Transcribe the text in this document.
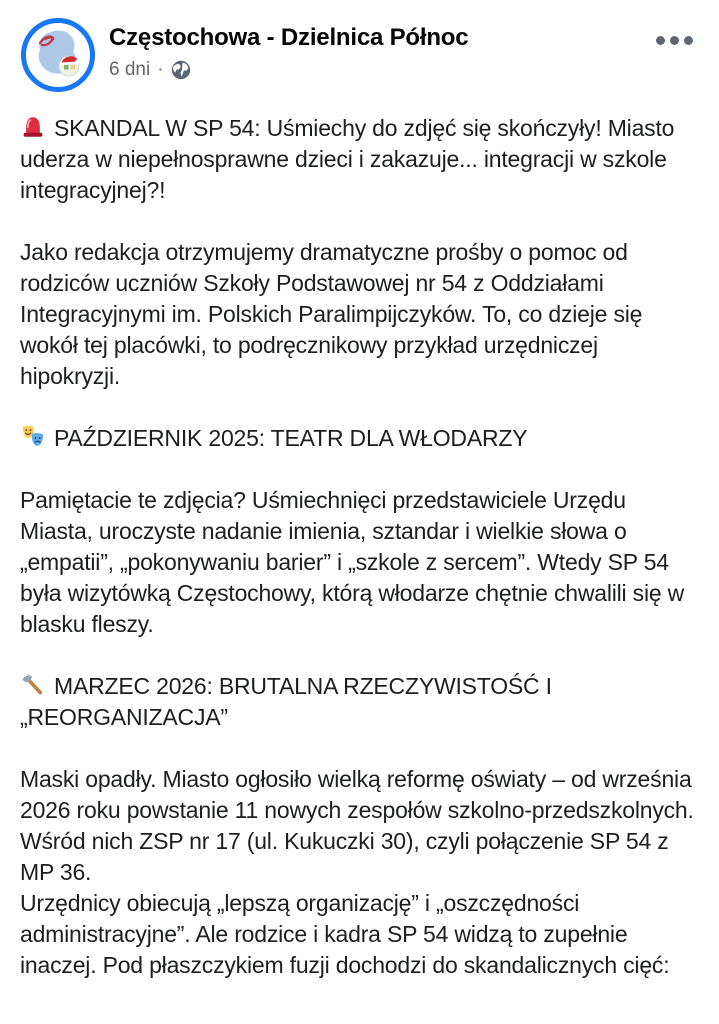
Częstochowa - Dzielnica Północ
6 dni ·

SKANDAL W SP 54: Uśmiechy do zdjęć się skończyły! Miasto uderza w niepełnosprawne dzieci i zakazuje... integracji w szkole integracyjnej?!

Jako redakcja otrzymujemy dramatyczne prośby o pomoc od rodziców uczniów Szkoły Podstawowej nr 54 z Oddziałami Integracyjnymi im. Polskich Paralimpijczyków. To, co dzieje się wokół tej placówki, to podręcznikowy przykład urzędniczej hipokryzji.

PAŹDZIERNIK 2025: TEATR DLA WŁODARZY

Pamiętacie te zdjęcia? Uśmiechnięci przedstawiciele Urzędu Miasta, uroczyste nadanie imienia, sztandar i wielkie słowa o „empatii”, „pokonywaniu barier” i „szkole z sercem”. Wtedy SP 54 była wizytówką Częstochowy, którą włodarze chętnie chwalili się w blasku fleszy.

MARZEC 2026: BRUTALNA RZECZYWISTOŚĆ I „REORGANIZACJA”

Maski opadły. Miasto ogłosiło wielką reformę oświaty – od września 2026 roku powstanie 11 nowych zespołów szkolno-przedszkolnych. Wśród nich ZSP nr 17 (ul. Kukuczki 30), czyli połączenie SP 54 z MP 36.

Urzędnicy obiecują „lepszą organizację” i „oszczędności administracyjne”. Ale rodzice i kadra SP 54 widzą to zupełnie inaczej. Pod płaszczykiem fuzji dochodzi do skandalicznych cięć:
